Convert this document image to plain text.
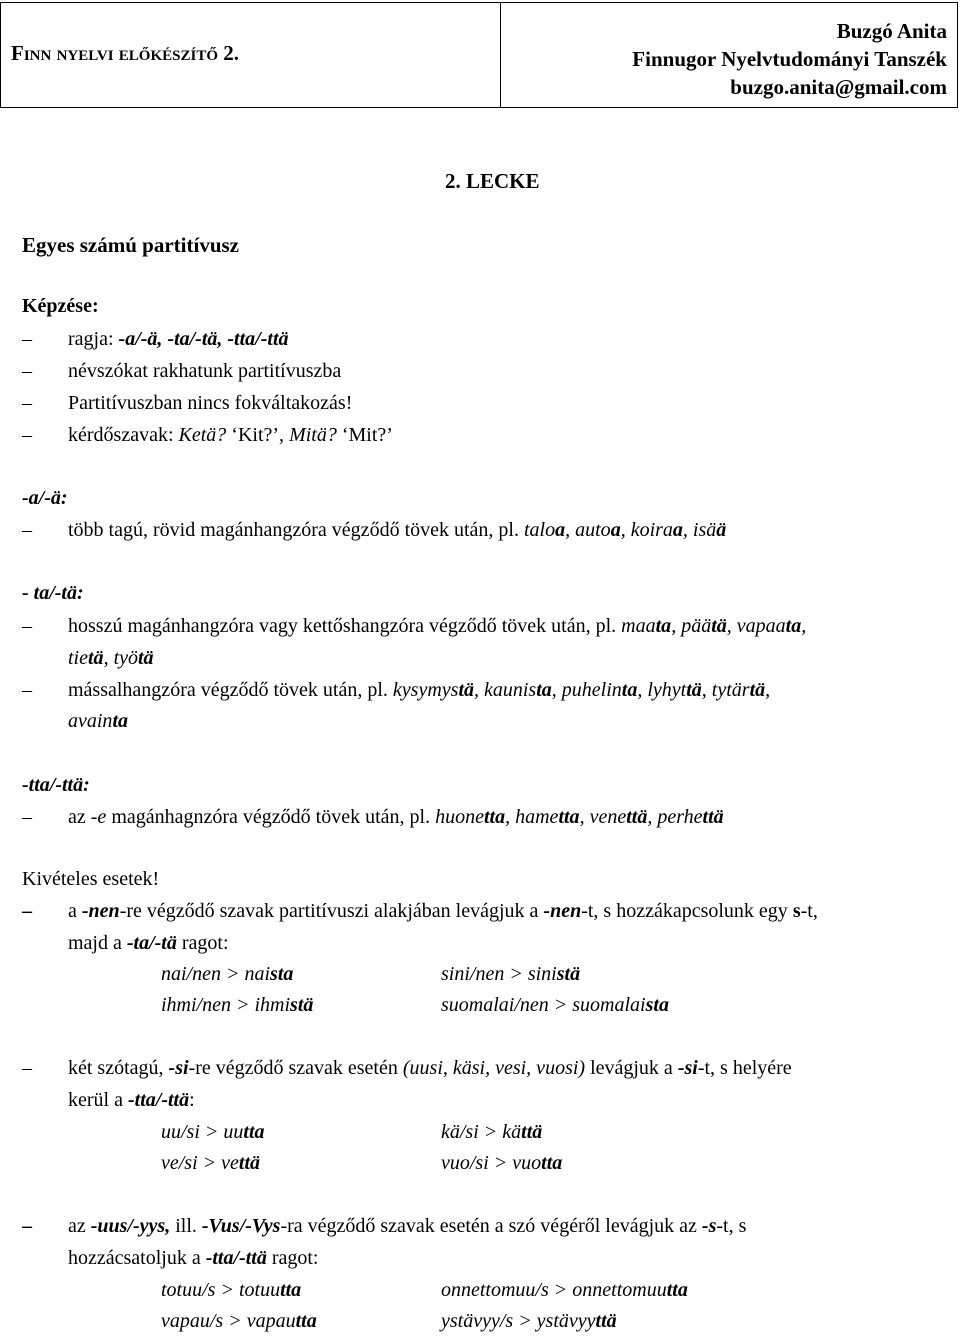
Finn nyelvi előkészítő 2.
Buzgó Anita
Finnugor Nyelvtudományi Tanszék
buzgo.anita@gmail.com
2. LECKE
Egyes számú partitívusz
Képzése:
–	ragja: -a/-ä, -ta/-tä, -tta/-ttä
–	névszókat rakhatunk partitívuszba
–	Partitívuszban nincs fokváltakozás!
–	kérdőszavak: Ketä? ‘Kit?’, Mitä? ‘Mit?’
-a/-ä:
–	több tagú, rövid magánhangzóra végződő tövek után, pl. taloa, autoa, koiraa, isää
- ta/-tä:
–	hosszú magánhangzóra vagy kettőshangzóra végződő tövek után, pl. maata, päätä, vapaata,
tietä, työtä
–	mássalhangzóra végződő tövek után, pl. kysymystä, kaunista, puhelinta, lyhyttä, tytärtä,
avainta
-tta/-ttä:
–	az -e magánhagnzóra végződő tövek után, pl. huonetta, hametta, venettä, perhettä
Kivételes esetek!
–	a -nen-re végződő szavak partitívuszi alakjában levágjuk a -nen-t, s hozzákapcsolunk egy s-t,
majd a -ta/-tä ragot:
nai/nen > naista	sini/nen > sinistä
ihmi/nen > ihmistä	suomalai/nen > suomalaista
–	két szótagú, -si-re végződő szavak esetén (uusi, käsi, vesi, vuosi) levágjuk a -si-t, s helyére
kerül a -tta/-ttä:
uu/si > uutta	kä/si > kättä
ve/si > vettä	vuo/si > vuotta
–	az -uus/-yys, ill. -Vus/-Vys-ra végződő szavak esetén a szó végéről levágjuk az -s-t, s
hozzácsatoljuk a -tta/-ttä ragot:
totuu/s > totuutta	onnettomuu/s > onnettomuutta
vapau/s > vapautta	ystävyy/s > ystävyyttä
